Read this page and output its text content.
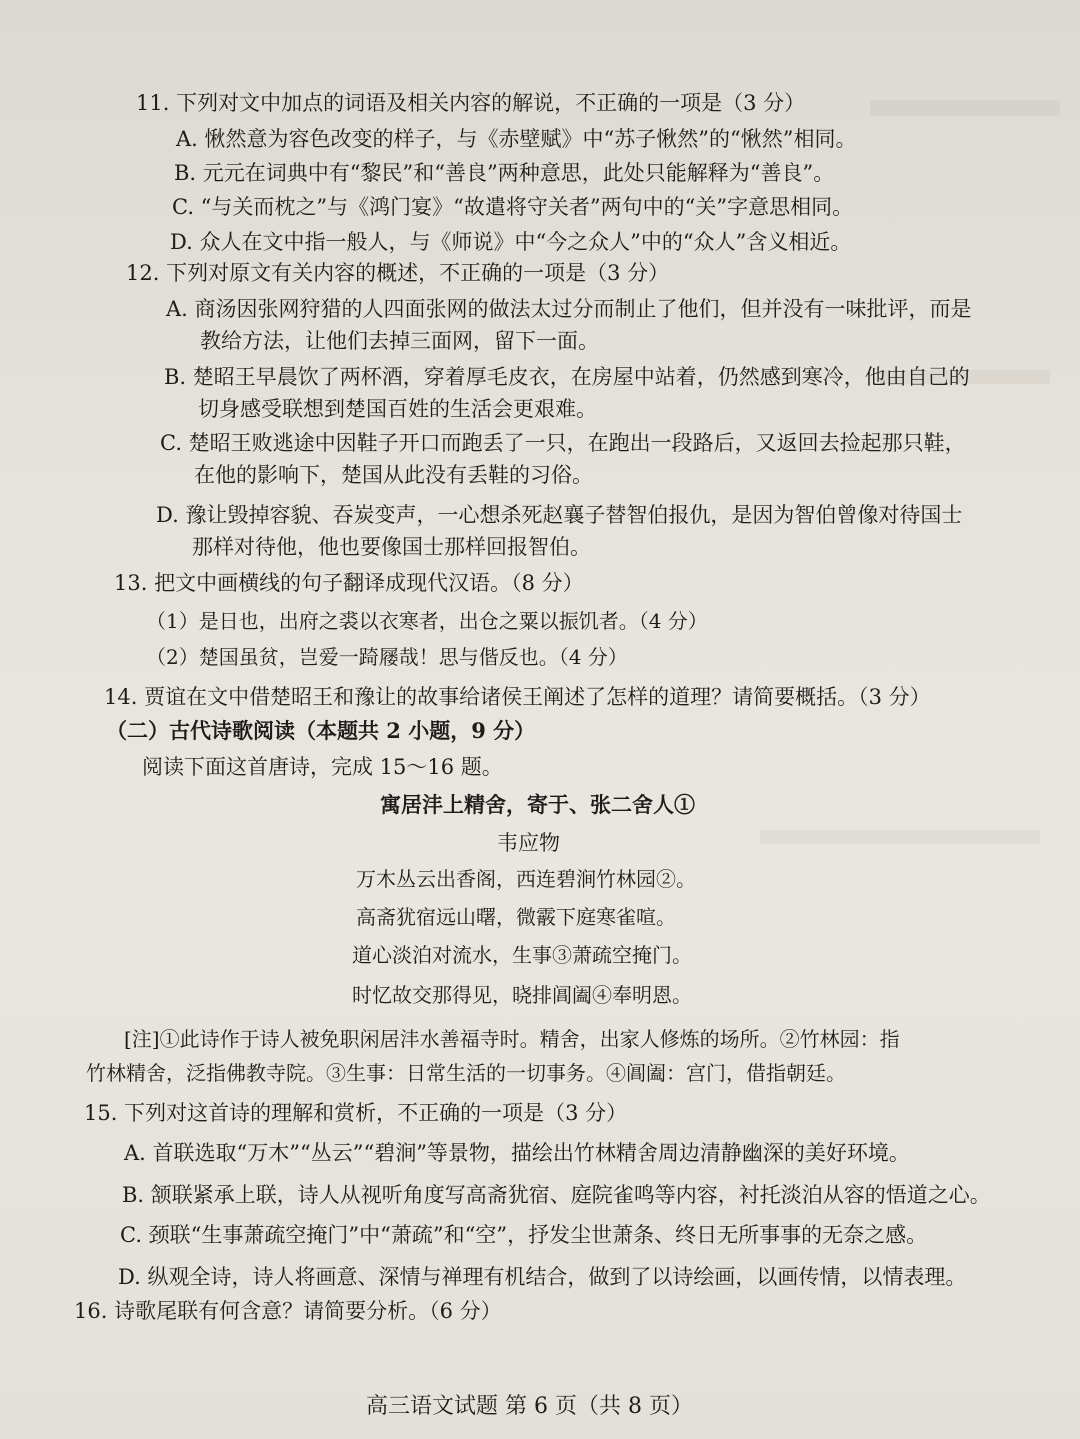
11. 下列对文中加点的词语及相关内容的解说，不正确的一项是（3 分）
A. 愀然意为容色改变的样子，与《赤壁赋》中“苏子愀然”的“愀然”相同。
B. 元元在词典中有“黎民”和“善良”两种意思，此处只能解释为“善良”。
C. “与关而枕之”与《鸿门宴》“故遣将守关者”两句中的“关”字意思相同。
D. 众人在文中指一般人，与《师说》中“今之众人”中的“众人”含义相近。
12. 下列对原文有关内容的概述，不正确的一项是（3 分）
A. 商汤因张网狩猎的人四面张网的做法太过分而制止了他们，但并没有一味批评，而是
教给方法，让他们去掉三面网，留下一面。
B. 楚昭王早晨饮了两杯酒，穿着厚毛皮衣，在房屋中站着，仍然感到寒冷，他由自己的
切身感受联想到楚国百姓的生活会更艰难。
C. 楚昭王败逃途中因鞋子开口而跑丢了一只，在跑出一段路后，又返回去捡起那只鞋，
在他的影响下，楚国从此没有丢鞋的习俗。
D. 豫让毁掉容貌、吞炭变声，一心想杀死赵襄子替智伯报仇，是因为智伯曾像对待国士
那样对待他，他也要像国士那样回报智伯。
13. 把文中画横线的句子翻译成现代汉语。（8 分）
（1）是日也，出府之裘以衣寒者，出仓之粟以振饥者。（4 分）
（2）楚国虽贫，岂爱一踦屦哉！思与偕反也。（4 分）
14. 贾谊在文中借楚昭王和豫让的故事给诸侯王阐述了怎样的道理？请简要概括。（3 分）
（二）古代诗歌阅读（本题共 2 小题，9 分）
阅读下面这首唐诗，完成 15～16 题。
寓居沣上精舍，寄于、张二舍人①
韦应物
万木丛云出香阁，西连碧涧竹林园②。
高斋犹宿远山曙，微霰下庭寒雀喧。
道心淡泊对流水，生事③萧疏空掩门。
时忆故交那得见，晓排阊阖④奉明恩。
[注]①此诗作于诗人被免职闲居沣水善福寺时。精舍，出家人修炼的场所。②竹林园：指
竹林精舍，泛指佛教寺院。③生事：日常生活的一切事务。④阊阖：宫门，借指朝廷。
15. 下列对这首诗的理解和赏析，不正确的一项是（3 分）
A. 首联选取“万木”“丛云”“碧涧”等景物，描绘出竹林精舍周边清静幽深的美好环境。
B. 颔联紧承上联，诗人从视听角度写高斋犹宿、庭院雀鸣等内容，衬托淡泊从容的悟道之心。
C. 颈联“生事萧疏空掩门”中“萧疏”和“空”，抒发尘世萧条、终日无所事事的无奈之感。
D. 纵观全诗，诗人将画意、深情与禅理有机结合，做到了以诗绘画，以画传情，以情表理。
16. 诗歌尾联有何含意？请简要分析。（6 分）
高三语文试题 第 6 页（共 8 页）
